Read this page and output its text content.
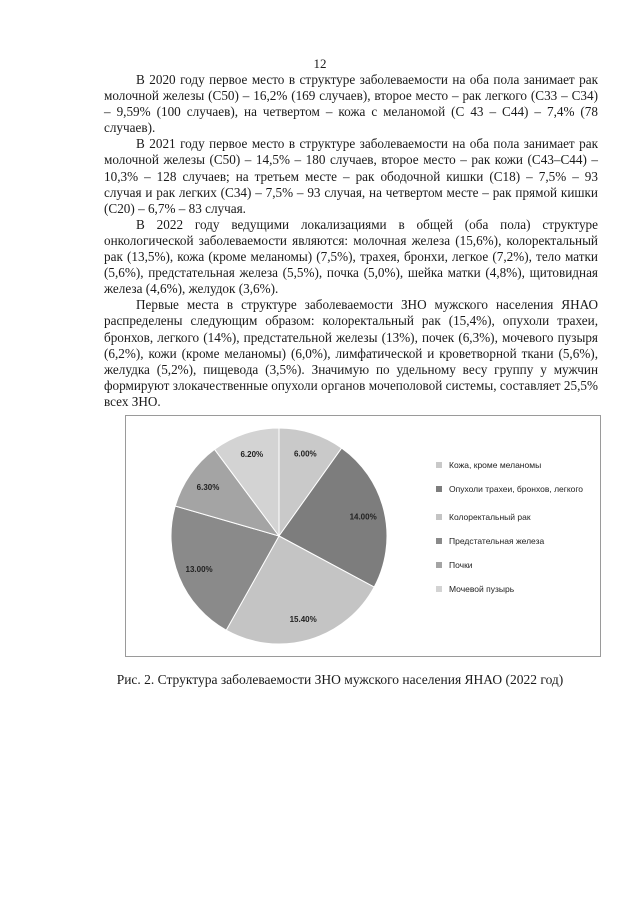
12

В 2020 году первое место в структуре заболеваемости на оба пола занимает рак молочной железы (С50) – 16,2% (169 случаев), второе место – рак легкого (С33 – С34) – 9,59% (100 случаев), на четвертом – кожа с меланомой (С 43 – С44) – 7,4% (78 случаев).

В 2021 году первое место в структуре заболеваемости на оба пола занимает рак молочной железы (С50) – 14,5% – 180 случаев, второе место – рак кожи (С43–С44) – 10,3% – 128 случаев; на третьем месте – рак ободочной кишки (С18) – 7,5% – 93 случая и рак легких (С34) – 7,5% – 93 случая, на четвертом месте – рак прямой кишки (С20) – 6,7% – 83 случая.

В 2022 году ведущими локализациями в общей (оба пола) структуре онкологической заболеваемости являются: молочная железа (15,6%), колоректальный рак (13,5%), кожа (кроме меланомы) (7,5%), трахея, бронхи, легкое (7,2%), тело матки (5,6%), предстательная железа (5,5%), почка (5,0%), шейка матки (4,8%), щитовидная железа (4,6%), желудок (3,6%).

Первые места в структуре заболеваемости ЗНО мужского населения ЯНАО распределены следующим образом: колоректальный рак (15,4%), опухоли трахеи, бронхов, легкого (14%), предстательной железы (13%), почек (6,3%), мочевого пузыря (6,2%), кожи (кроме меланомы) (6,0%), лимфатической и кроветворной ткани (5,6%), желудка (5,2%), пищевода (3,5%). Значимую по удельному весу группу у мужчин формируют злокачественные опухоли органов мочеполовой системы, составляет 25,5% всех ЗНО.

6.00%
14.00%
15.40%
13.00%
6.30%
6.20%
Кожа, кроме меланомы
Опухоли трахеи, бронхов, легкого
Колоректальный рак
Предстательная железа
Почки
Мочевой пузырь
Рис. 2. Структура заболеваемости ЗНО мужского населения ЯНАО (2022 год)
